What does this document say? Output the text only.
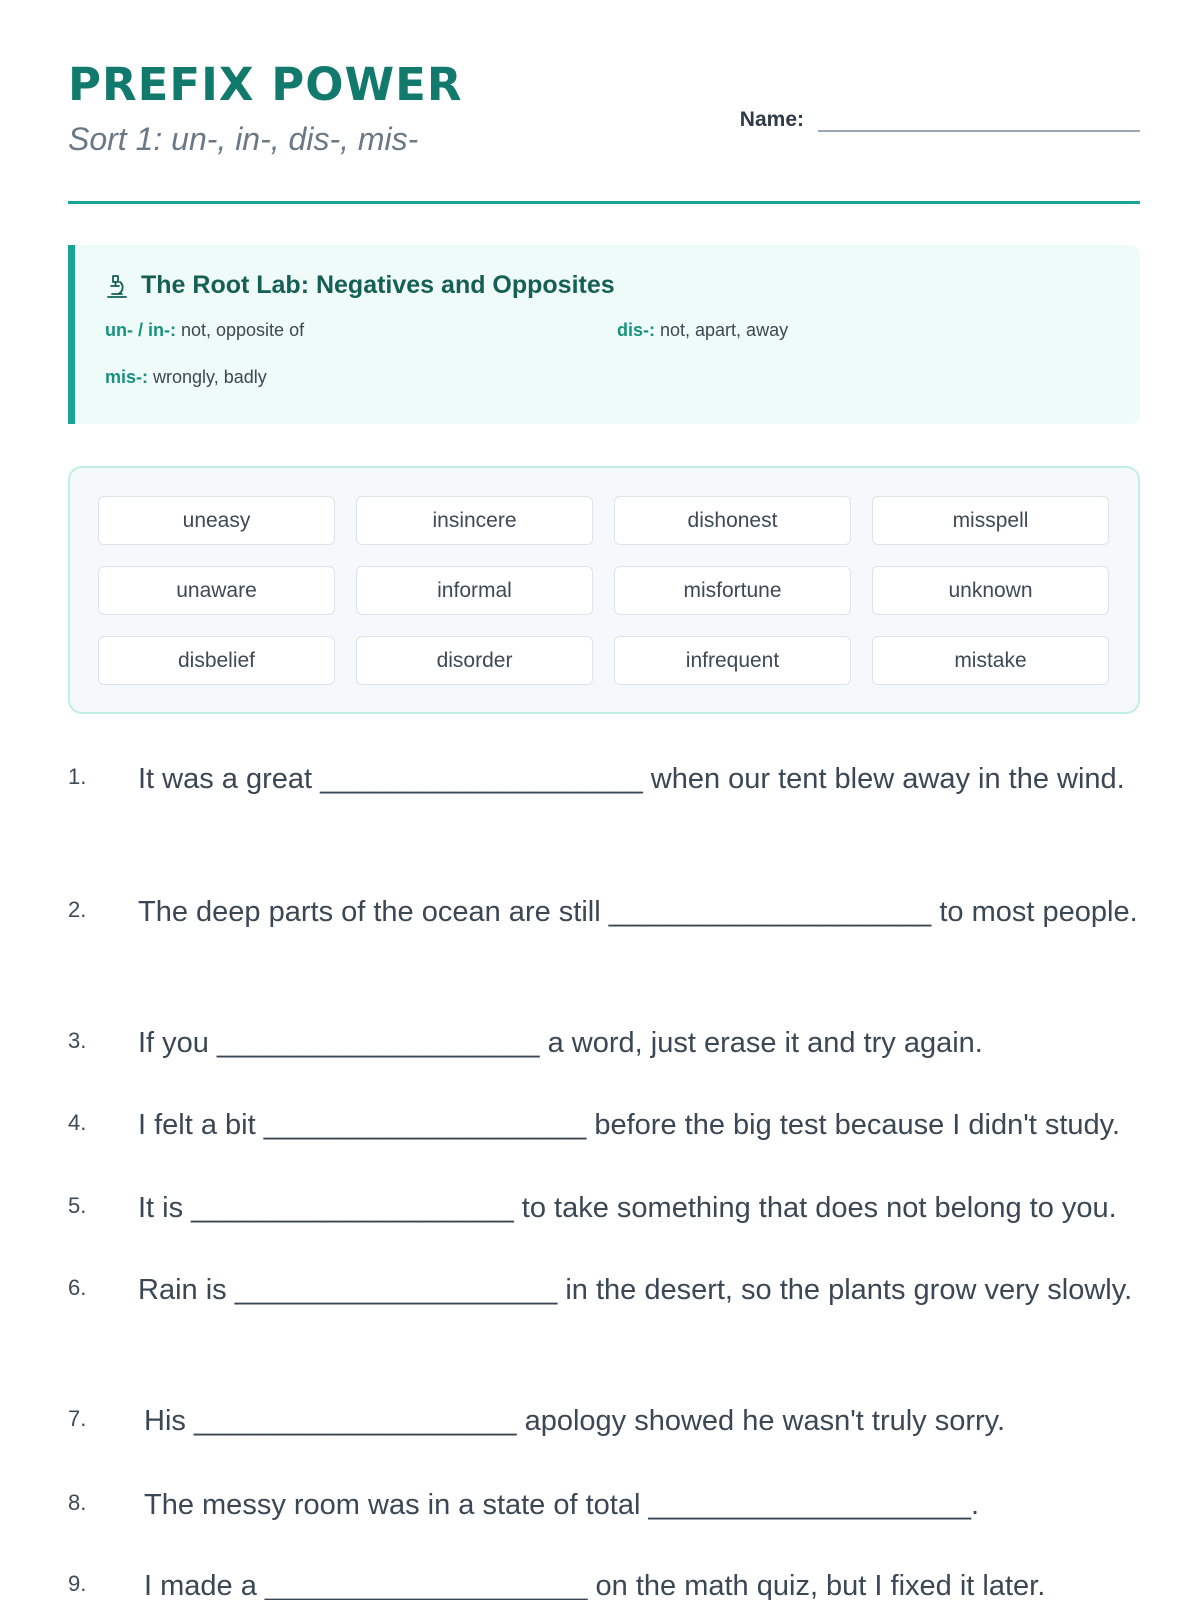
PREFIX POWER
Sort 1: un-, in-, dis-, mis-
Name:
The Root Lab: Negatives and Opposites
un- / in-: not, opposite of	dis-: not, apart, away
mis-: wrongly, badly
uneasy	insincere	dishonest	misspell
unaware	informal	misfortune	unknown
disbelief	disorder	infrequent	mistake
1.	It was a great ____________________ when our tent blew away in the wind.
2.	The deep parts of the ocean are still ____________________ to most people.
3.	If you ____________________ a word, just erase it and try again.
4.	I felt a bit ____________________ before the big test because I didn't study.
5.	It is ____________________ to take something that does not belong to you.
6.	Rain is ____________________ in the desert, so the plants grow very slowly.
7.	His ____________________ apology showed he wasn't truly sorry.
8.	The messy room was in a state of total ____________________.
9.	I made a ____________________ on the math quiz, but I fixed it later.
